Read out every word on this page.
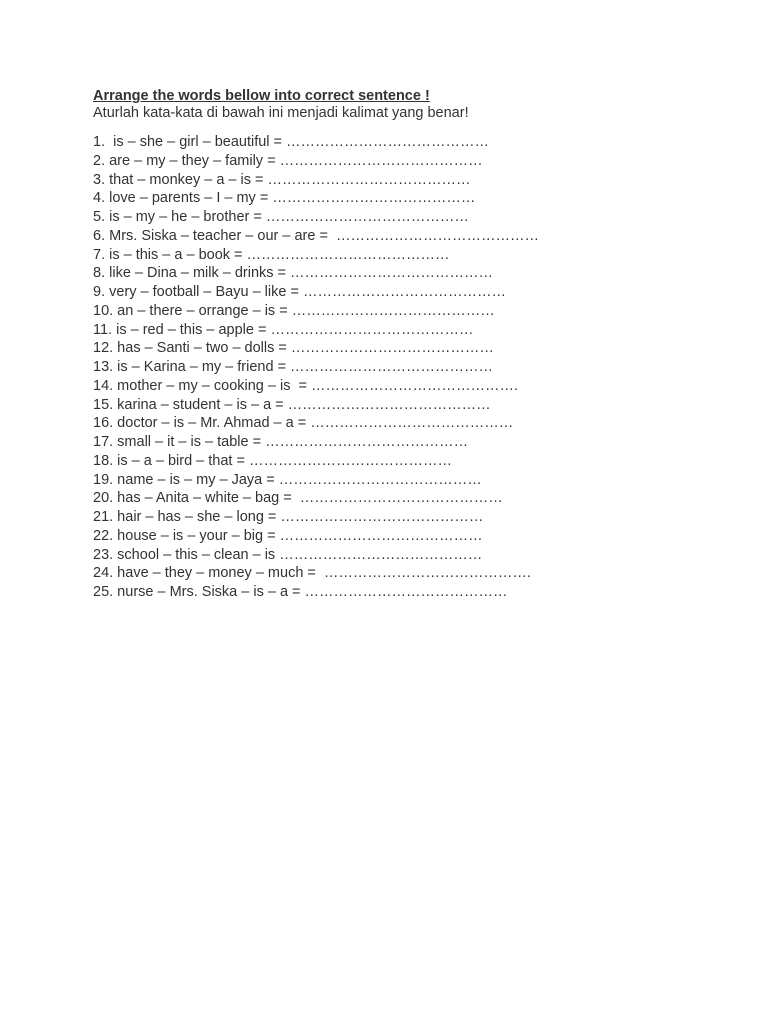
Arrange the words bellow into correct sentence !

Aturlah kata-kata di bawah ini menjadi kalimat yang benar!

1.  is – she – girl – beautiful = ……………………………………
2. are – my – they – family = ……………………………………
3. that – monkey – a – is = ……………………………………
4. love – parents – I – my = ……………………………………
5. is – my – he – brother = ……………………………………
6. Mrs. Siska – teacher – our – are =  ……………………………………
7. is – this – a – book = ……………………………………
8. like – Dina – milk – drinks = ……………………………………
9. very – football – Bayu – like = ……………………………………
10. an – there – orrange – is = ……………………………………
11. is – red – this – apple = ……………………………………
12. has – Santi – two – dolls = ……………………………………
13. is – Karina – my – friend = ……………………………………
14. mother – my – cooking – is  = …………………………………….
15. karina – student – is – a = ……………………………………
16. doctor – is – Mr. Ahmad – a = ……………………………………
17. small – it – is – table = ……………………………………
18. is – a – bird – that = ……………………………………
19. name – is – my – Jaya = ……………………………………
20. has – Anita – white – bag =  ……………………………………
21. hair – has – she – long = ……………………………………
22. house – is – your – big = ……………………………………
23. school – this – clean – is ……………………………………
24. have – they – money – much =  …………………………………….
25. nurse – Mrs. Siska – is – a = ……………………………………
